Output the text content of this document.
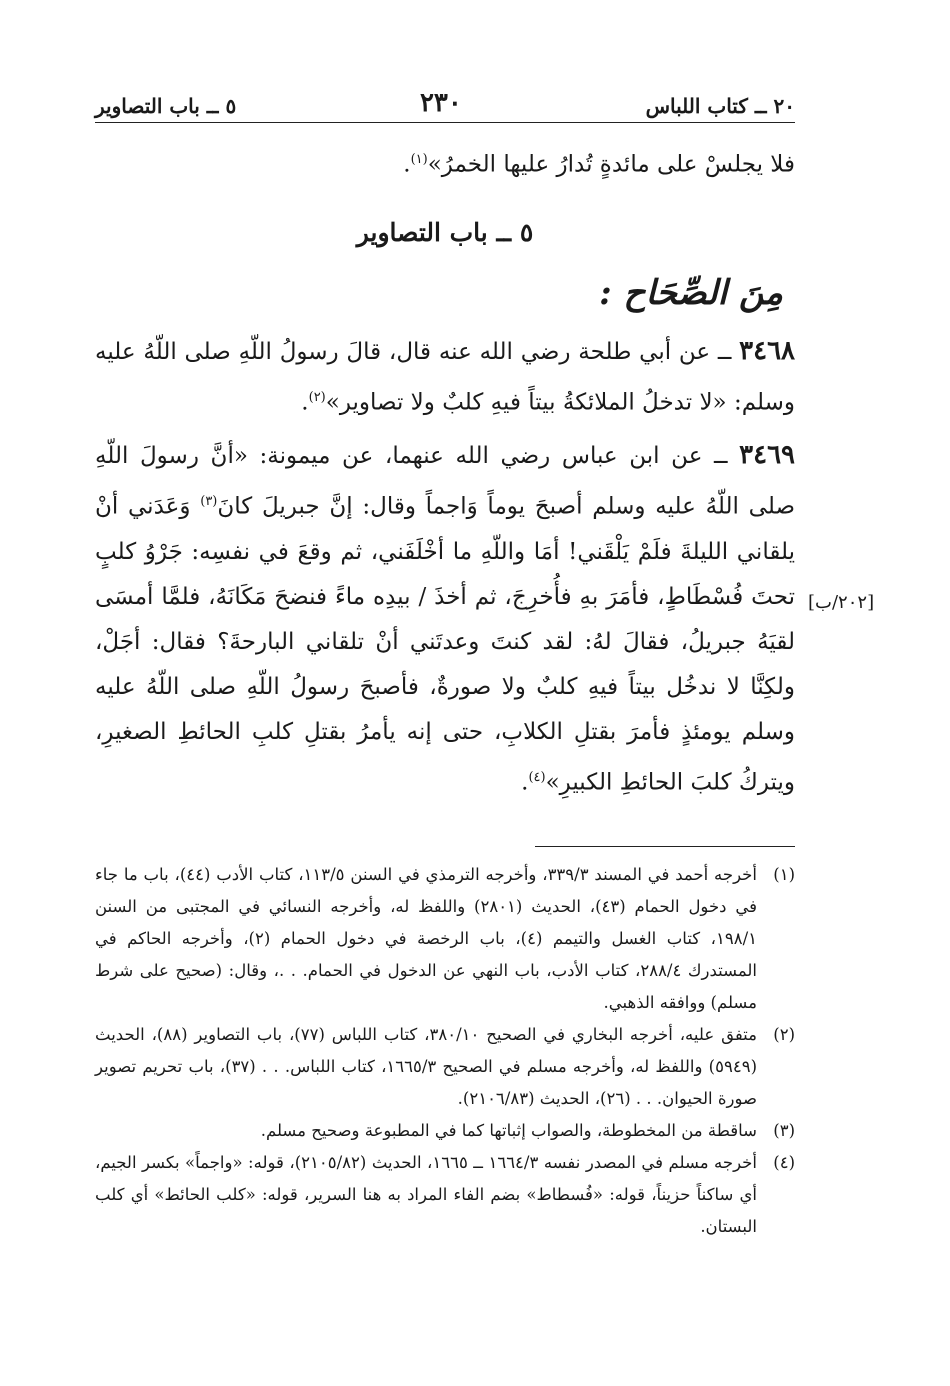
[٢٠٢/ب]
٢٠ ــ كتاب اللباس
٢٣٠
٥ ــ باب التصاوير

فلا يجلسْ على مائدةٍ تُدارُ عليها الخمرُ»$^{(١)}$.

٥ ــ باب التصاوير
مِنَ الصِّحَاح :

٣٤٦٨ ــ عن أبي طلحة رضي الله عنه قال، قالَ رسولُ اللّهِ صلى اللّهُ عليه وسلم: «لا تدخلُ الملائكةُ بيتاً فيهِ كلبٌ ولا تصاوير»$^{(٢)}$.

٣٤٦٩ ــ عن ابن عباس رضي الله عنهما، عن ميمونة: «أنَّ رسولَ اللّهِ صلى اللّهُ عليه وسلم أصبحَ يوماً وَاجماً وقال: إنَّ جبريلَ كانَ$^{(٣)}$ وَعَدَني أنْ يلقاني الليلةَ فلَمْ يَلْقَني! أمَا واللّهِ ما أخْلَفَني، ثم وقعَ في نفسِه: جَرْوُ كلبٍ تحتَ فُسْطَاطٍ، فأمَرَ بهِ فأُخرِجَ، ثم أخذَ / بيدِه ماءً فنضحَ مَكَانَهُ، فلمَّا أمسَى لقيَهُ جبريلُ، فقالَ لهُ: لقد كنتَ وعدتَني أنْ تلقاني البارحةَ؟ فقال: أجَلْ، ولكِنَّا لا ندخُل بيتاً فيهِ كلبٌ ولا صورةٌ، فأصبحَ رسولُ اللّهِ صلى اللّهُ عليه وسلم يومئذٍ فأمرَ بقتلِ الكلابِ، حتى إنه يأمرُ بقتلِ كلبِ الحائطِ الصغيرِ، ويتركُ كلبَ الحائطِ الكبيرِ»$^{(٤)}$.

(١)
أخرجه أحمد في المسند ٣٣٩/٣، وأخرجه الترمذي في السنن ١١٣/٥، كتاب الأدب (٤٤)، باب ما جاء في دخول الحمام (٤٣)، الحديث (٢٨٠١) واللفظ له، وأخرجه النسائي في المجتبى من السنن ١٩٨/١، كتاب الغسل والتيمم (٤)، باب الرخصة في دخول الحمام (٢)، وأخرجه الحاكم في المستدرك ٢٨٨/٤، كتاب الأدب، باب النهي عن الدخول في الحمام. . .، وقال: (صحيح على شرط مسلم) ووافقه الذهبي.
(٢)
متفق عليه، أخرجه البخاري في الصحيح ٣٨٠/١٠، كتاب اللباس (٧٧)، باب التصاوير (٨٨)، الحديث (٥٩٤٩) واللفظ له، وأخرجه مسلم في الصحيح ١٦٦٥/٣، كتاب اللباس. . . (٣٧)، باب تحريم تصوير صورة الحيوان. . . (٢٦)، الحديث (٢١٠٦/٨٣).
(٣)
ساقطة من المخطوطة، والصواب إثباتها كما في المطبوعة وصحيح مسلم.
(٤)
أخرجه مسلم في المصدر نفسه ١٦٦٤/٣ ــ ١٦٦٥، الحديث (٢١٠٥/٨٢)، قوله: «واجماً» بكسر الجيم، أي ساكناً حزيناً، قوله: «فُسطاط» بضم الفاء المراد به هنا السرير، قوله: «كلب الحائط» أي كلب البستان.
